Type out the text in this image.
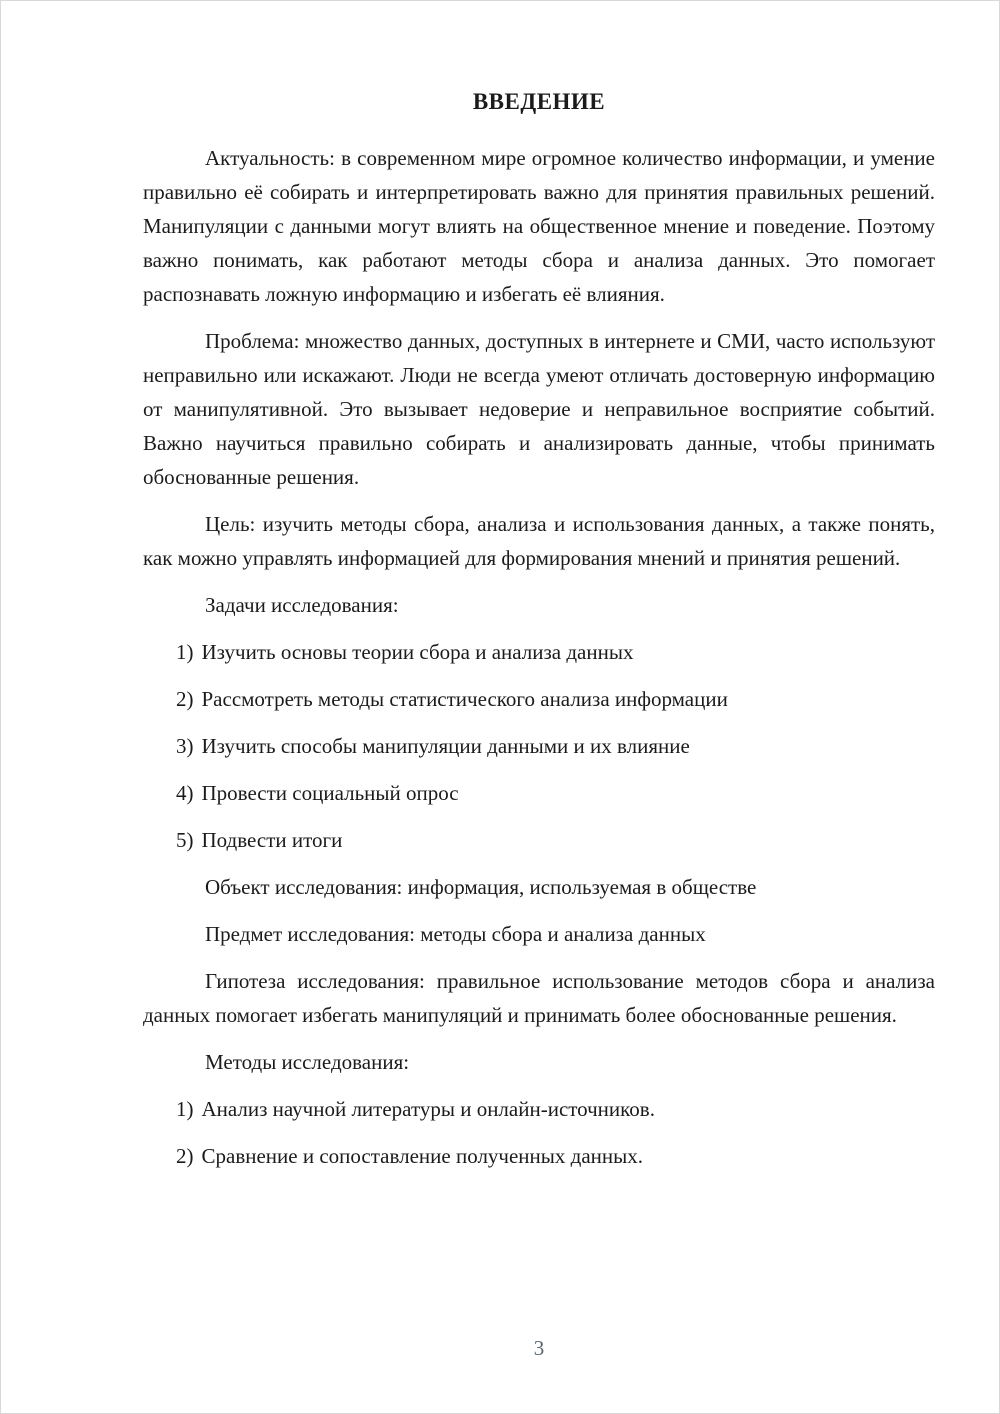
ВВЕДЕНИЕ

Актуальность: в современном мире огромное количество информации, и умение правильно её собирать и интерпретировать важно для принятия правильных решений. Манипуляции с данными могут влиять на общественное мнение и поведение. Поэтому важно понимать, как работают методы сбора и анализа данных. Это помогает распознавать ложную информацию и избегать её влияния.

Проблема: множество данных, доступных в интернете и СМИ, часто используют неправильно или искажают. Люди не всегда умеют отличать достоверную информацию от манипулятивной. Это вызывает недоверие и неправильное восприятие событий. Важно научиться правильно собирать и анализировать данные, чтобы принимать обоснованные решения.

Цель: изучить методы сбора, анализа и использования данных, а также понять, как можно управлять информацией для формирования мнений и принятия решений.

Задачи исследования:

1) Изучить основы теории сбора и анализа данных
2) Рассмотреть методы статистического анализа информации
3) Изучить способы манипуляции данными и их влияние
4) Провести социальный опрос
5) Подвести итоги

Объект исследования: информация, используемая в обществе

Предмет исследования: методы сбора и анализа данных

Гипотеза исследования: правильное использование методов сбора и анализа данных помогает избегать манипуляций и принимать более обоснованные решения.

Методы исследования:

1) Анализ научной литературы и онлайн-источников.
2) Сравнение и сопоставление полученных данных.
3
